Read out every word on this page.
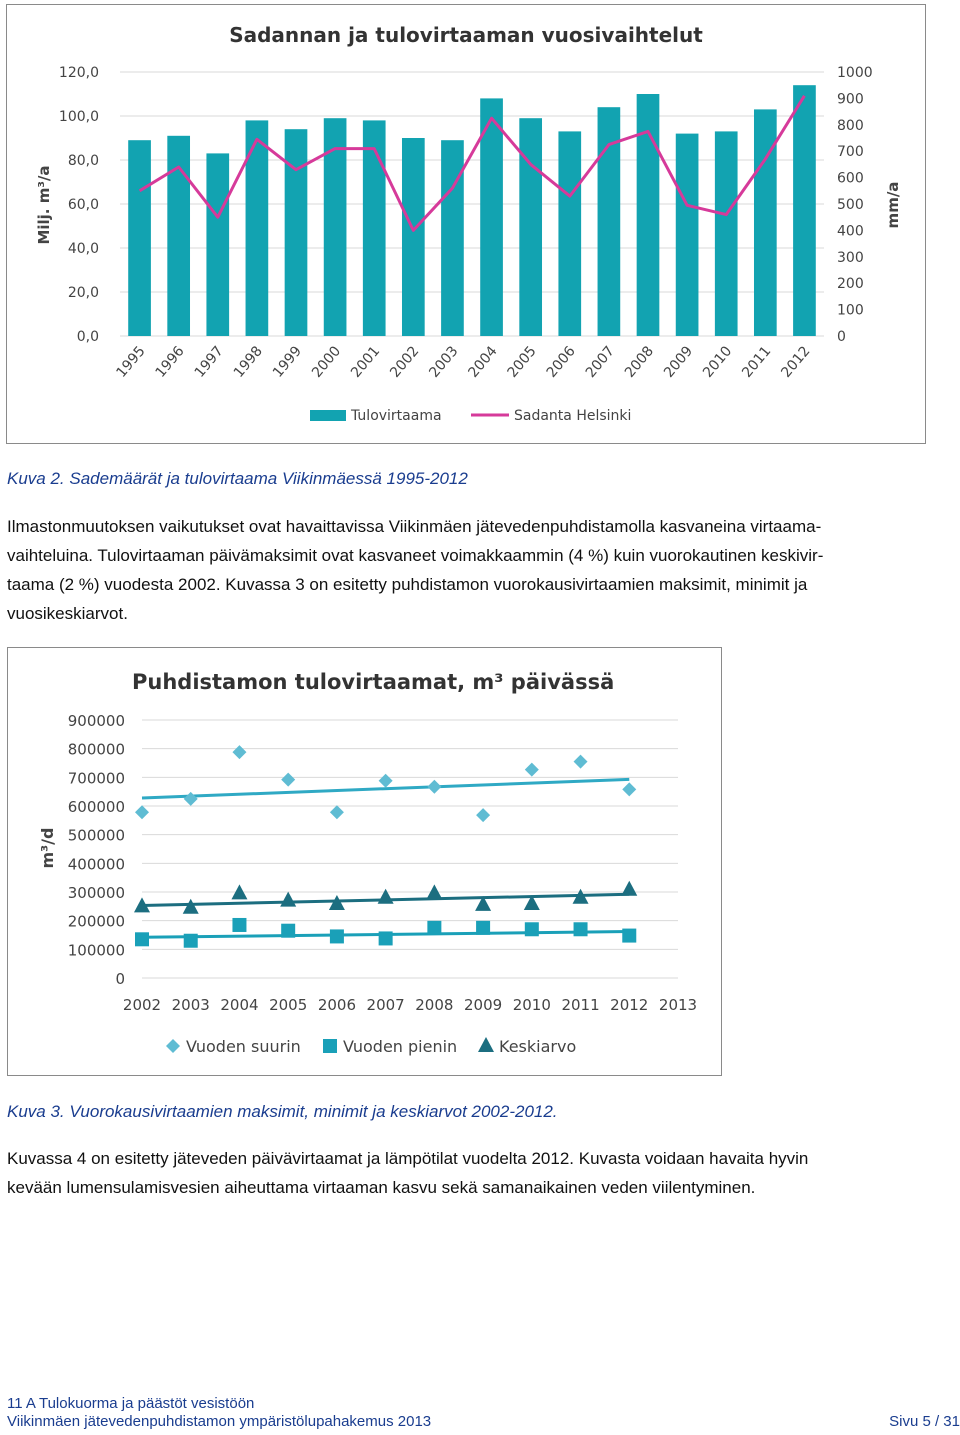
Sadannan ja tulovirtaaman vuosivaihtelut
0,0
20,0
40,0
60,0
80,0
100,0
120,0
0
100
200
300
400
500
600
700
800
900
1000
Milj. m³/a	mm/a
1995 1996 1997 1998 1999 2000 2001 2002 2003 2004 2005 2006 2007 2008 2009 2010 2011 2012
Tulovirtaama	Sadanta Helsinki
Kuva 2. Sademäärät ja tulovirtaama Viikinmäessä 1995-2012
Ilmastonmuutoksen vaikutukset ovat havaittavissa Viikinmäen jätevedenpuhdistamolla kasvaneina virtaama-
vaihteluina. Tulovirtaaman päivämaksimit ovat kasvaneet voimakkaammin (4 %) kuin vuorokautinen keskivir-
taama (2 %) vuodesta 2002. Kuvassa 3 on esitetty puhdistamon vuorokausivirtaamien maksimit, minimit ja
vuosikeskiarvot.
Puhdistamon tulovirtaamat, m³ päivässä
0
100000
200000
300000
400000
500000
600000
700000
800000
900000
2002 2003 2004 2005 2006 2007 2008 2009 2010 2011 2012 2013
m³/d
Vuoden suurin	Vuoden pienin	Keskiarvo
Kuva 3. Vuorokausivirtaamien maksimit, minimit ja keskiarvot 2002-2012.
Kuvassa 4 on esitetty jäteveden päivävirtaamat ja lämpötilat vuodelta 2012. Kuvasta voidaan havaita hyvin
kevään lumensulamisvesien aiheuttama virtaaman kasvu sekä samanaikainen veden viilentyminen.
11 A Tulokuorma ja päästöt vesistöön
Viikinmäen jätevedenpuhdistamon ympäristölupahakemus 2013	Sivu 5 / 31
